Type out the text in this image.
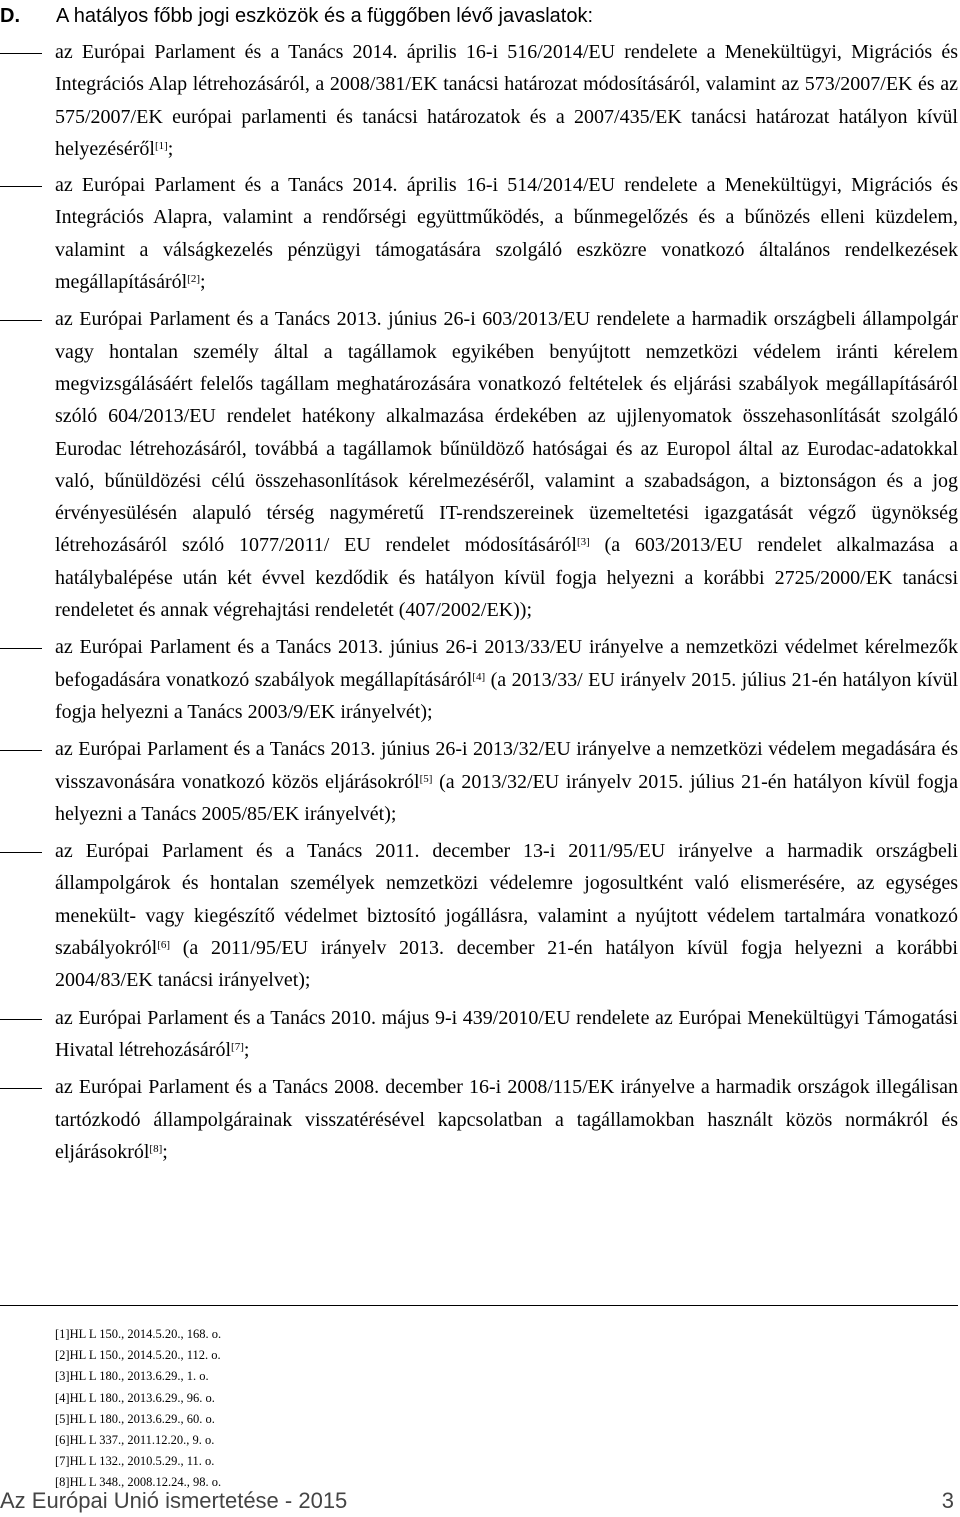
D. A hatályos főbb jogi eszközök és a függőben lévő javaslatok:
az Európai Parlament és a Tanács 2014. április 16-i 516/2014/EU rendelete a Menekültügyi, Migrációs és Integrációs Alap létrehozásáról, a 2008/381/EK tanácsi határozat módosításáról, valamint az 573/2007/EK és az 575/2007/EK európai parlamenti és tanácsi határozatok és a 2007/435/EK tanácsi határozat hatályon kívül helyezéséről[1];
az Európai Parlament és a Tanács 2014. április 16-i 514/2014/EU rendelete a Menekültügyi, Migrációs és Integrációs Alapra, valamint a rendőrségi együttműködés, a bűnmegelőzés és a bűnözés elleni küzdelem, valamint a válságkezelés pénzügyi támogatására szolgáló eszközre vonatkozó általános rendelkezések megállapításáról[2];
az Európai Parlament és a Tanács 2013. június 26-i 603/2013/EU rendelete a harmadik országbeli állampolgár vagy hontalan személy által a tagállamok egyikében benyújtott nemzetközi védelem iránti kérelem megvizsgálásáért felelős tagállam meghatározására vonatkozó feltételek és eljárási szabályok megállapításáról szóló 604/2013/EU rendelet hatékony alkalmazása érdekében az ujjlenyomatok összehasonlítását szolgáló Eurodac létrehozásáról, továbbá a tagállamok bűnüldöző hatóságai és az Europol által az Eurodac-adatokkal való, bűnüldözési célú összehasonlítások kérelmezéséről, valamint a szabadságon, a biztonságon és a jog érvényesülésén alapuló térség nagyméretű IT-rendszereinek üzemeltetési igazgatását végző ügynökség létrehozásáról szóló 1077/2011/ EU rendelet módosításáról[3] (a 603/2013/EU rendelet alkalmazása a hatálybalépése után két évvel kezdődik és hatályon kívül fogja helyezni a korábbi 2725/2000/EK tanácsi rendeletet és annak végrehajtási rendeletét (407/2002/EK));
az Európai Parlament és a Tanács 2013. június 26-i 2013/33/EU irányelve a nemzetközi védelmet kérelmezők befogadására vonatkozó szabályok megállapításáról[4] (a 2013/33/ EU irányelv 2015. július 21-én hatályon kívül fogja helyezni a Tanács 2003/9/EK irányelvét);
az Európai Parlament és a Tanács 2013. június 26-i 2013/32/EU irányelve a nemzetközi védelem megadására és visszavonására vonatkozó közös eljárásokról[5] (a 2013/32/EU irányelv 2015. július 21-én hatályon kívül fogja helyezni a Tanács 2005/85/EK irányelvét);
az Európai Parlament és a Tanács 2011. december 13-i 2011/95/EU irányelve a harmadik országbeli állampolgárok és hontalan személyek nemzetközi védelemre jogosultként való elismerésére, az egységes menekült- vagy kiegészítő védelmet biztosító jogállásra, valamint a nyújtott védelem tartalmára vonatkozó szabályokról[6] (a 2011/95/EU irányelv 2013. december 21-én hatályon kívül fogja helyezni a korábbi 2004/83/EK tanácsi irányelvet);
az Európai Parlament és a Tanács 2010. május 9-i 439/2010/EU rendelete az Európai Menekültügyi Támogatási Hivatal létrehozásáról[7];
az Európai Parlament és a Tanács 2008. december 16-i 2008/115/EK irányelve a harmadik országok illegálisan tartózkodó állampolgárainak visszatérésével kapcsolatban a tagállamokban használt közös normákról és eljárásokról[8];
[1]HL L 150., 2014.5.20., 168. o.
[2]HL L 150., 2014.5.20., 112. o.
[3]HL L 180., 2013.6.29., 1. o.
[4]HL L 180., 2013.6.29., 96. o.
[5]HL L 180., 2013.6.29., 60. o.
[6]HL L 337., 2011.12.20., 9. o.
[7]HL L 132., 2010.5.29., 11. o.
[8]HL L 348., 2008.12.24., 98. o.
Az Európai Unió ismertetése - 2015	3
